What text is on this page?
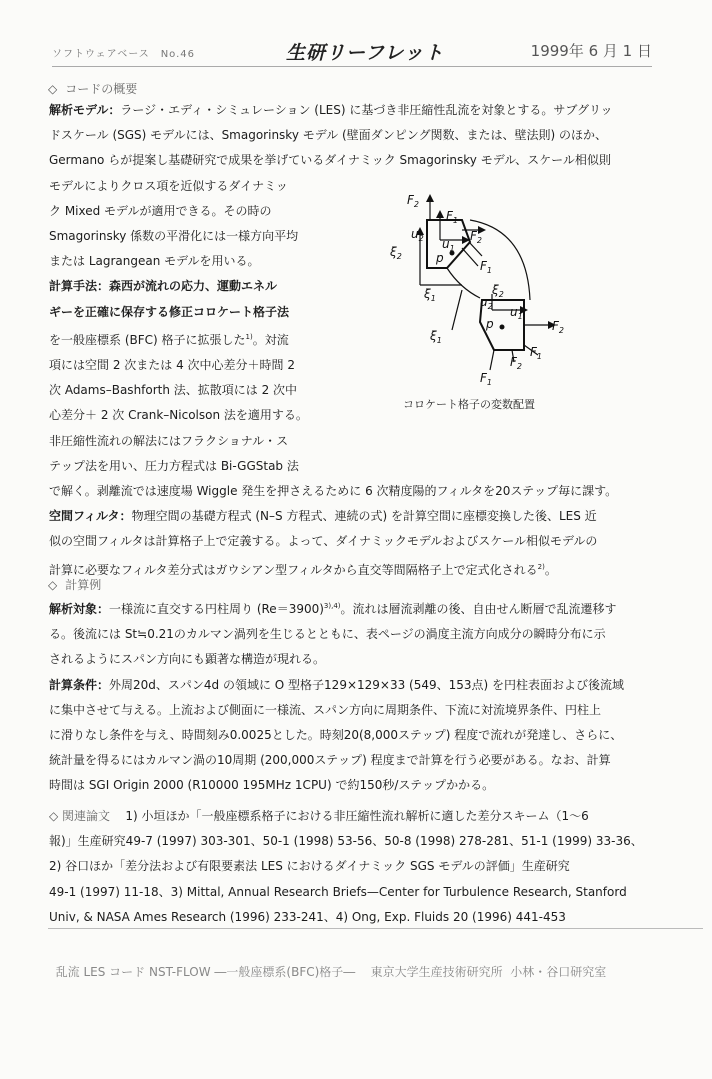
ソフトウェアベース　No.46	生研リーフレット	1999年 6 月 1 日
◇ コードの概要
解析モデル：ラージ・エディ・シミュレーション (LES) に基づき非圧縮性乱流を対象とする。サブグリッ
ドスケール (SGS) モデルには、Smagorinsky モデル (壁面ダンピング関数、または、壁法則) のほか、
Germano らが提案し基礎研究で成果を挙げているダイナミック Smagorinsky モデル、スケール相似則
モデルによりクロス項を近似するダイナミッ
ク Mixed モデルが適用できる。その時の
Smagorinsky 係数の平滑化には一様方向平均
または Lagrangean モデルを用いる。
計算手法：森西が流れの応力、運動エネル
ギーを正確に保存する修正コロケート格子法
を一般座標系 (BFC) 格子に拡張した$^{1)}$。対流
項には空間 2 次または 4 次中心差分＋時間 2
次 Adams–Bashforth 法、拡散項には 2 次中
心差分＋ 2 次 Crank–Nicolson 法を適用する。
非圧縮性流れの解法にはフラクショナル・ス
テップ法を用い、圧力方程式は Bi-GGStab 法
で解く。剥離流では速度場 Wiggle 発生を押さえるために 6 次精度陽的フィルタを20ステップ毎に課す。
空間フィルタ：物理空間の基礎方程式 (N–S 方程式、連続の式) を計算空間に座標変換した後、LES 近
似の空間フィルタは計算格子上で定義する。よって、ダイナミックモデルおよびスケール相似モデルの
計算に必要なフィルタ差分式はガウシアン型フィルタから直交等間隔格子上で定式化される$^{2)}$。
$F_2$
$F_1$
$F_2$
$F_1$
$u_2$ $u_1$
p
$\xi_2$
$\xi_1$
$\xi_2$
$\xi_1$
$u_2$ $u_1$
p	$F_2$
$F_1$
$F_2$
$F_1$
コロケート格子の変数配置
◇ 計算例
解析対象：一様流に直交する円柱周り (Re＝3900)$^{3),4)}$。流れは層流剥離の後、自由せん断層で乱流遷移す
る。後流には St≒0.21のカルマン渦列を生じるとともに、表ページの渦度主流方向成分の瞬時分布に示
されるようにスパン方向にも顕著な構造が現れる。
計算条件：外周20d、スパン4d の領域に O 型格子129×129×33 (549、153点) を円柱表面および後流域
に集中させて与える。上流および側面に一様流、スパン方向に周期条件、下流に対流境界条件、円柱上
に滑りなし条件を与え、時間刻み0.0025とした。時刻20(8,000ステップ) 程度で流れが発達し、さらに、
統計量を得るにはカルマン渦の10周期 (200,000ステップ) 程度まで計算を行う必要がある。なお、計算
時間は SGI Origin 2000 (R10000 195MHz 1CPU) で約150秒/ステップかかる。
◇ 関連論文 1) 小垣ほか「一般座標系格子における非圧縮性流れ解析に適した差分スキーム（1～6
報)」生産研究49-7 (1997) 303-301、50-1 (1998) 53-56、50-8 (1998) 278-281、51-1 (1999) 33-36、
2) 谷口ほか「差分法および有限要素法 LES におけるダイナミック SGS モデルの評価」生産研究
49-1 (1997) 11-18、3) Mittal, Annual Research Briefs—Center for Turbulence Research, Stanford
Univ, & NASA Ames Research (1996) 233-241、4) Ong, Exp. Fluids 20 (1996) 441-453

乱流 LES コード NST-FLOW ―一般座標系(BFC)格子― 東京大学生産技術研究所 小林・谷口研究室
